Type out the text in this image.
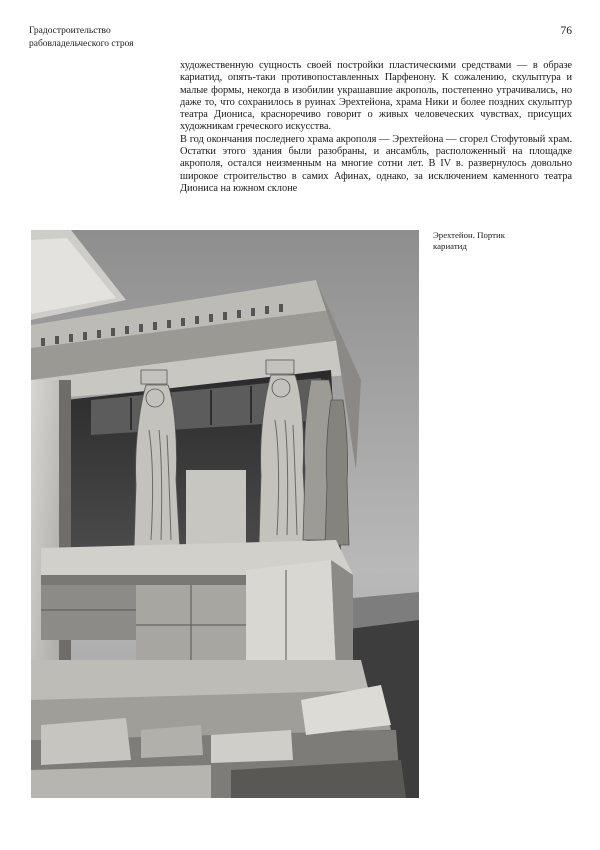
Градостроительство
рабовладельческого строя
76

художественную сущность своей постройки пластическими средствами — в образе кариатид, опять-таки противопоставленных Парфенону. К сожалению, скульптура и малые формы, некогда в изобилии украшавшие акрополь, постепенно утрачивались, но даже то, что сохранилось в руинах Эрехтейона, храма Ники и более поздних скульптур театра Диониса, красноречиво говорит о живых человеческих чувствах, присущих художникам греческого искусства.

В год окончания последнего храма акрополя — Эрехтейона — сгорел Стофутовый храм. Остатки этого здания были разобраны, и ансамбль, расположенный на площадке акрополя, остался неизменным на многие сотни лет. В IV в. развернулось довольно широкое строительство в самих Афинах, однако, за исключением каменного театра Диониса на южном склоне

Эрехтейон. Портик
кариатид
